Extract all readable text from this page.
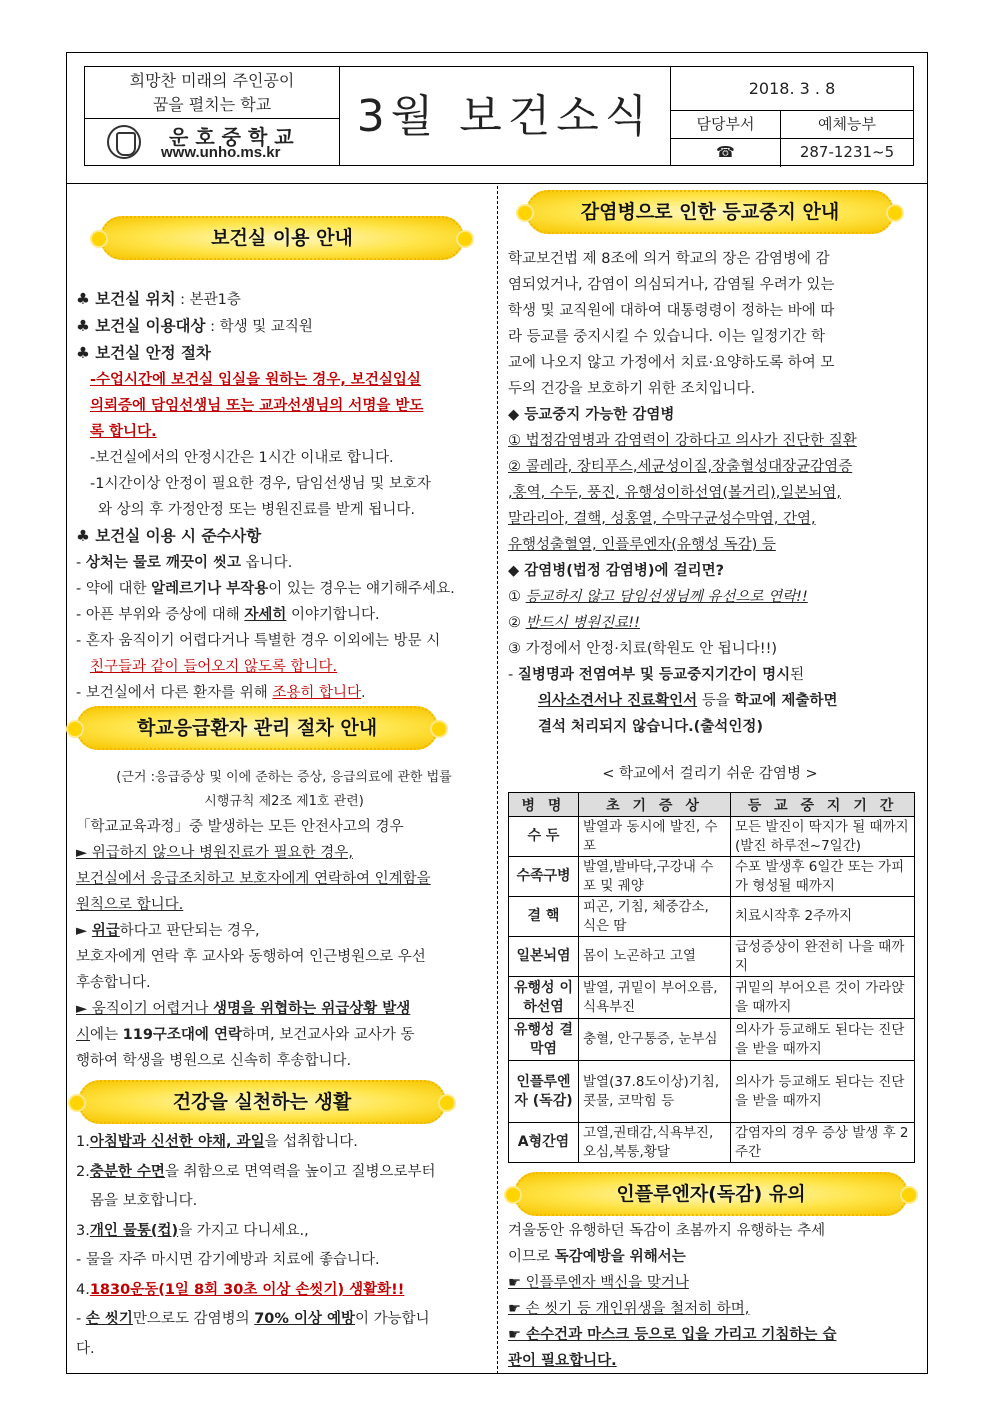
희망찬 미래의 주인공이
꿈을 펼치는 학교
운호중학교
www.unho.ms.kr
3월 보건소식
2018. 3 . 8
담당부서	예체능부
☎	287-1231~5
보건실 이용 안내
♣ 보건실 위치 : 본관1층
♣ 보건실 이용대상 : 학생 및 교직원
♣ 보건실 안정 절차
-수업시간에 보건실 입실을 원하는 경우, 보건실입실
의뢰증에 담임선생님 또는 교과선생님의 서명을 받도
록 합니다.
-보건실에서의 안정시간은 1시간 이내로 합니다.
-1시간이상 안정이 필요한 경우, 담임선생님 및 보호자
와 상의 후 가정안정 또는 병원진료를 받게 됩니다.
♣ 보건실 이용 시 준수사항
- 상처는 물로 깨끗이 씻고 옵니다.
- 약에 대한 알레르기나 부작용이 있는 경우는 얘기해주세요.
- 아픈 부위와 증상에 대해 자세히 이야기합니다.
- 혼자 움직이기 어렵다거나 특별한 경우 이외에는 방문 시
친구들과 같이 들어오지 않도록 합니다.
- 보건실에서 다른 환자를 위해 조용히 합니다.
학교응급환자 관리 절차 안내
(근거 :응급증상 및 이에 준하는 증상, 응급의료에 관한 법률
시행규칙 제2조 제1호 관련)
「학교교육과정」중 발생하는 모든 안전사고의 경우
► 위급하지 않으나 병원진료가 필요한 경우,
보건실에서 응급조치하고 보호자에게 연락하여 인계함을
원칙으로 합니다.
► 위급하다고 판단되는 경우,
보호자에게 연락 후 교사와 동행하여 인근병원으로 우선
후송합니다.
► 움직이기 어렵거나 생명을 위협하는 위급상황 발생
시에는 119구조대에 연락하며, 보건교사와 교사가 동
행하여 학생을 병원으로 신속히 후송합니다.
건강을 실천하는 생활
1.아침밥과 신선한 야채, 과일을 섭취합니다.
2.충분한 수면을 취함으로 면역력을 높이고 질병으로부터
몸을 보호합니다.
3.개인 물통(컵)을 가지고 다니세요.,
- 물을 자주 마시면 감기예방과 치료에 좋습니다.
4.1830운동(1일 8회 30초 이상 손씻기) 생활화!!
- 손 씻기만으로도 감염병의 70% 이상 예방이 가능합니
다.
감염병으로 인한 등교중지 안내
학교보건법 제 8조에 의거 학교의 장은 감염병에 감
염되었거나, 감염이 의심되거나, 감염될 우려가 있는
학생 및 교직원에 대하여 대통령령이 정하는 바에 따
라 등교를 중지시킬 수 있습니다. 이는 일정기간 학
교에 나오지 않고 가정에서 치료·요양하도록 하여 모
두의 건강을 보호하기 위한 조치입니다.
◆ 등교중지 가능한 감염병
① 법정감염병과 감염력이 강하다고 의사가 진단한 질환
② 콜레라, 장티푸스,세균성이질,장출혈성대장균감염증
,홍역, 수두, 풍진, 유행성이하선염(볼거리),일본뇌염,
말라리아, 결핵, 성홍열, 수막구균성수막염, 간염,
유행성출혈열, 인플루엔자(유행성 독감) 등
◆ 감염병(법정 감염병)에 걸리면?
① 등교하지 않고 담임선생님께 유선으로 연락!!
② 반드시 병원진료!!
③ 가정에서 안정·치료(학원도 안 됩니다!!)
- 질병명과 전염여부 및 등교중지기간이 명시된
의사소견서나 진료확인서 등을 학교에 제출하면
결석 처리되지 않습니다.(출석인정)
< 학교에서 걸리기 쉬운 감염병 >
병 명	초 기 증 상	등 교 중 지 기 간
수 두	발열과 동시에 발진, 수포	모든 발진이 딱지가 될 때까지(발진 하루전~7일간)
수족구병	발열,발바닥,구강내 수포 및 궤양	수포 발생후 6일간 또는 가피가 형성될 때까지
결 핵	피곤, 기침, 체중감소, 식은 땀	치료시작후 2주까지
일본뇌염	몸이 노곤하고 고열	급성증상이 완전히 나을 때까지
유행성 이하선염	발열, 귀밑이 부어오름, 식욕부진	귀밑의 부어오른 것이 가라앉을 때까지
유행성 결막염	충혈, 안구통증, 눈부심	의사가 등교해도 된다는 진단을 받을 때까지
인플루엔자 (독감)	발열(37.8도이상)기침,콧물, 코막힘 등	의사가 등교해도 된다는 진단을 받을 때까지
A형간염	고열,권태감,식욕부진,오심,복통,황달	감염자의 경우 증상 발생 후 2주간
인플루엔자(독감) 유의
겨울동안 유행하던 독감이 초봄까지 유행하는 추세
이므로 독감예방을 위해서는
☛ 인플루엔자 백신을 맞거나
☛ 손 씻기 등 개인위생을 철저히 하며,
☛ 손수건과 마스크 등으로 입을 가리고 기침하는 습
관이 필요합니다.
